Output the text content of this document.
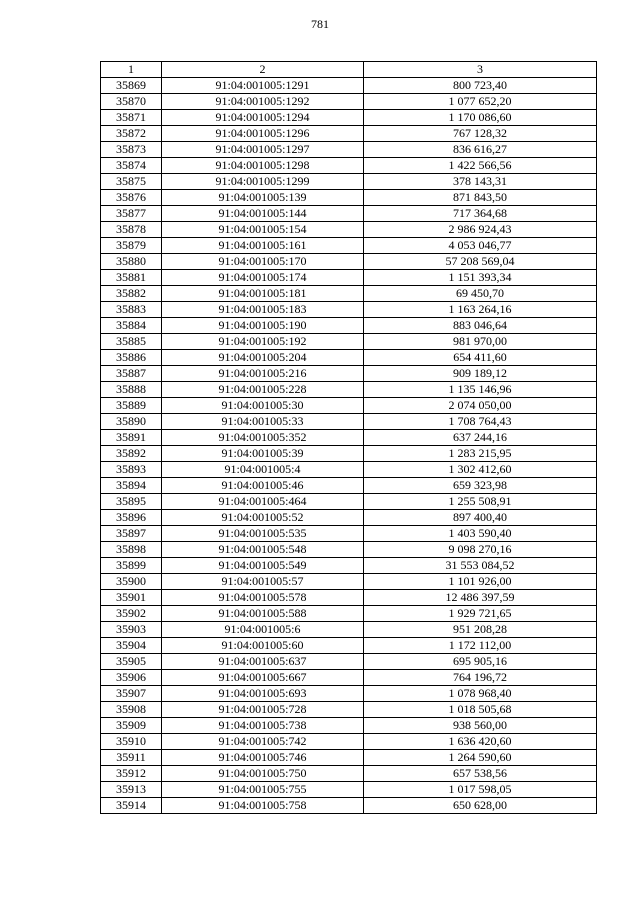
781
1	2	3
35869	91:04:001005:1291	800 723,40
35870	91:04:001005:1292	1 077 652,20
35871	91:04:001005:1294	1 170 086,60
35872	91:04:001005:1296	767 128,32
35873	91:04:001005:1297	836 616,27
35874	91:04:001005:1298	1 422 566,56
35875	91:04:001005:1299	378 143,31
35876	91:04:001005:139	871 843,50
35877	91:04:001005:144	717 364,68
35878	91:04:001005:154	2 986 924,43
35879	91:04:001005:161	4 053 046,77
35880	91:04:001005:170	57 208 569,04
35881	91:04:001005:174	1 151 393,34
35882	91:04:001005:181	69 450,70
35883	91:04:001005:183	1 163 264,16
35884	91:04:001005:190	883 046,64
35885	91:04:001005:192	981 970,00
35886	91:04:001005:204	654 411,60
35887	91:04:001005:216	909 189,12
35888	91:04:001005:228	1 135 146,96
35889	91:04:001005:30	2 074 050,00
35890	91:04:001005:33	1 708 764,43
35891	91:04:001005:352	637 244,16
35892	91:04:001005:39	1 283 215,95
35893	91:04:001005:4	1 302 412,60
35894	91:04:001005:46	659 323,98
35895	91:04:001005:464	1 255 508,91
35896	91:04:001005:52	897 400,40
35897	91:04:001005:535	1 403 590,40
35898	91:04:001005:548	9 098 270,16
35899	91:04:001005:549	31 553 084,52
35900	91:04:001005:57	1 101 926,00
35901	91:04:001005:578	12 486 397,59
35902	91:04:001005:588	1 929 721,65
35903	91:04:001005:6	951 208,28
35904	91:04:001005:60	1 172 112,00
35905	91:04:001005:637	695 905,16
35906	91:04:001005:667	764 196,72
35907	91:04:001005:693	1 078 968,40
35908	91:04:001005:728	1 018 505,68
35909	91:04:001005:738	938 560,00
35910	91:04:001005:742	1 636 420,60
35911	91:04:001005:746	1 264 590,60
35912	91:04:001005:750	657 538,56
35913	91:04:001005:755	1 017 598,05
35914	91:04:001005:758	650 628,00
